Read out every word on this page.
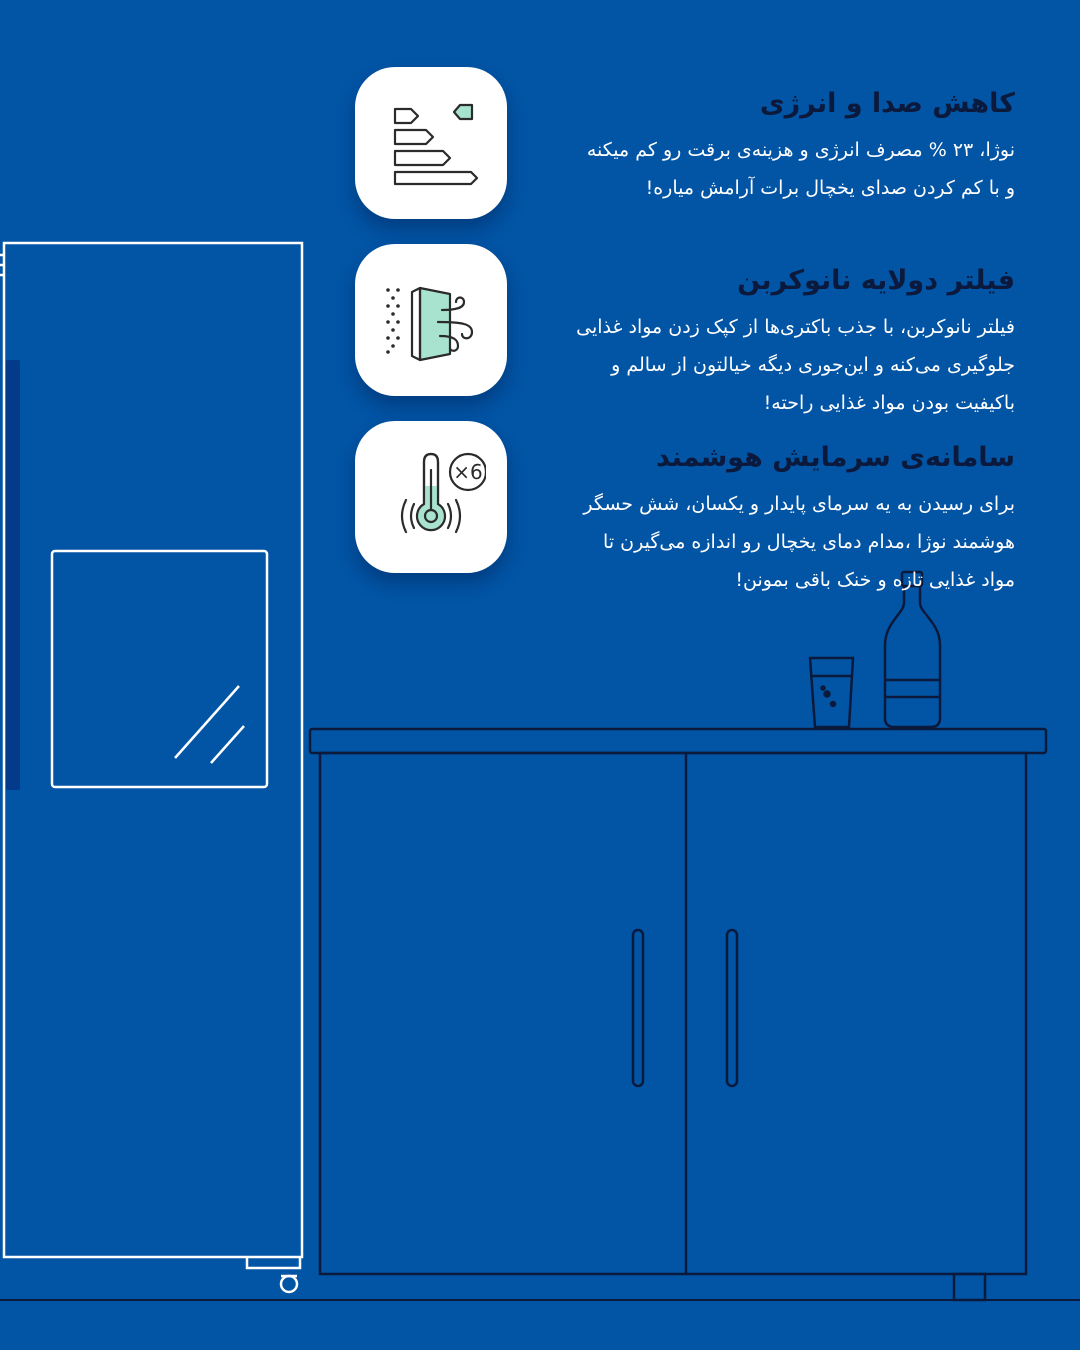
کاهش صدا و انرژی

نوژا، ۲۳ % مصرف انرژی و هزینه‌ی برقت رو کم میکنه
و با کم کردن صدای یخچال برات آرامش میاره!

فیلتر دولایه نانوکربن

فیلتر نانوکربن، با جذب باکتری‌ها از کپک زدن مواد غذایی
جلوگیری می‌کنه و این‌جوری دیگه خیالتون از سالم و
باکیفیت بودن مواد غذایی راحته!

×6	سامانه‌ی سرمایش هوشمند

برای رسیدن به یه سرمای پایدار و یکسان، شش حسگر
هوشمند نوژا ،مدام دمای یخچال رو اندازه می‌گیرن تا
مواد غذایی تازه و خنک باقی بمونن!
